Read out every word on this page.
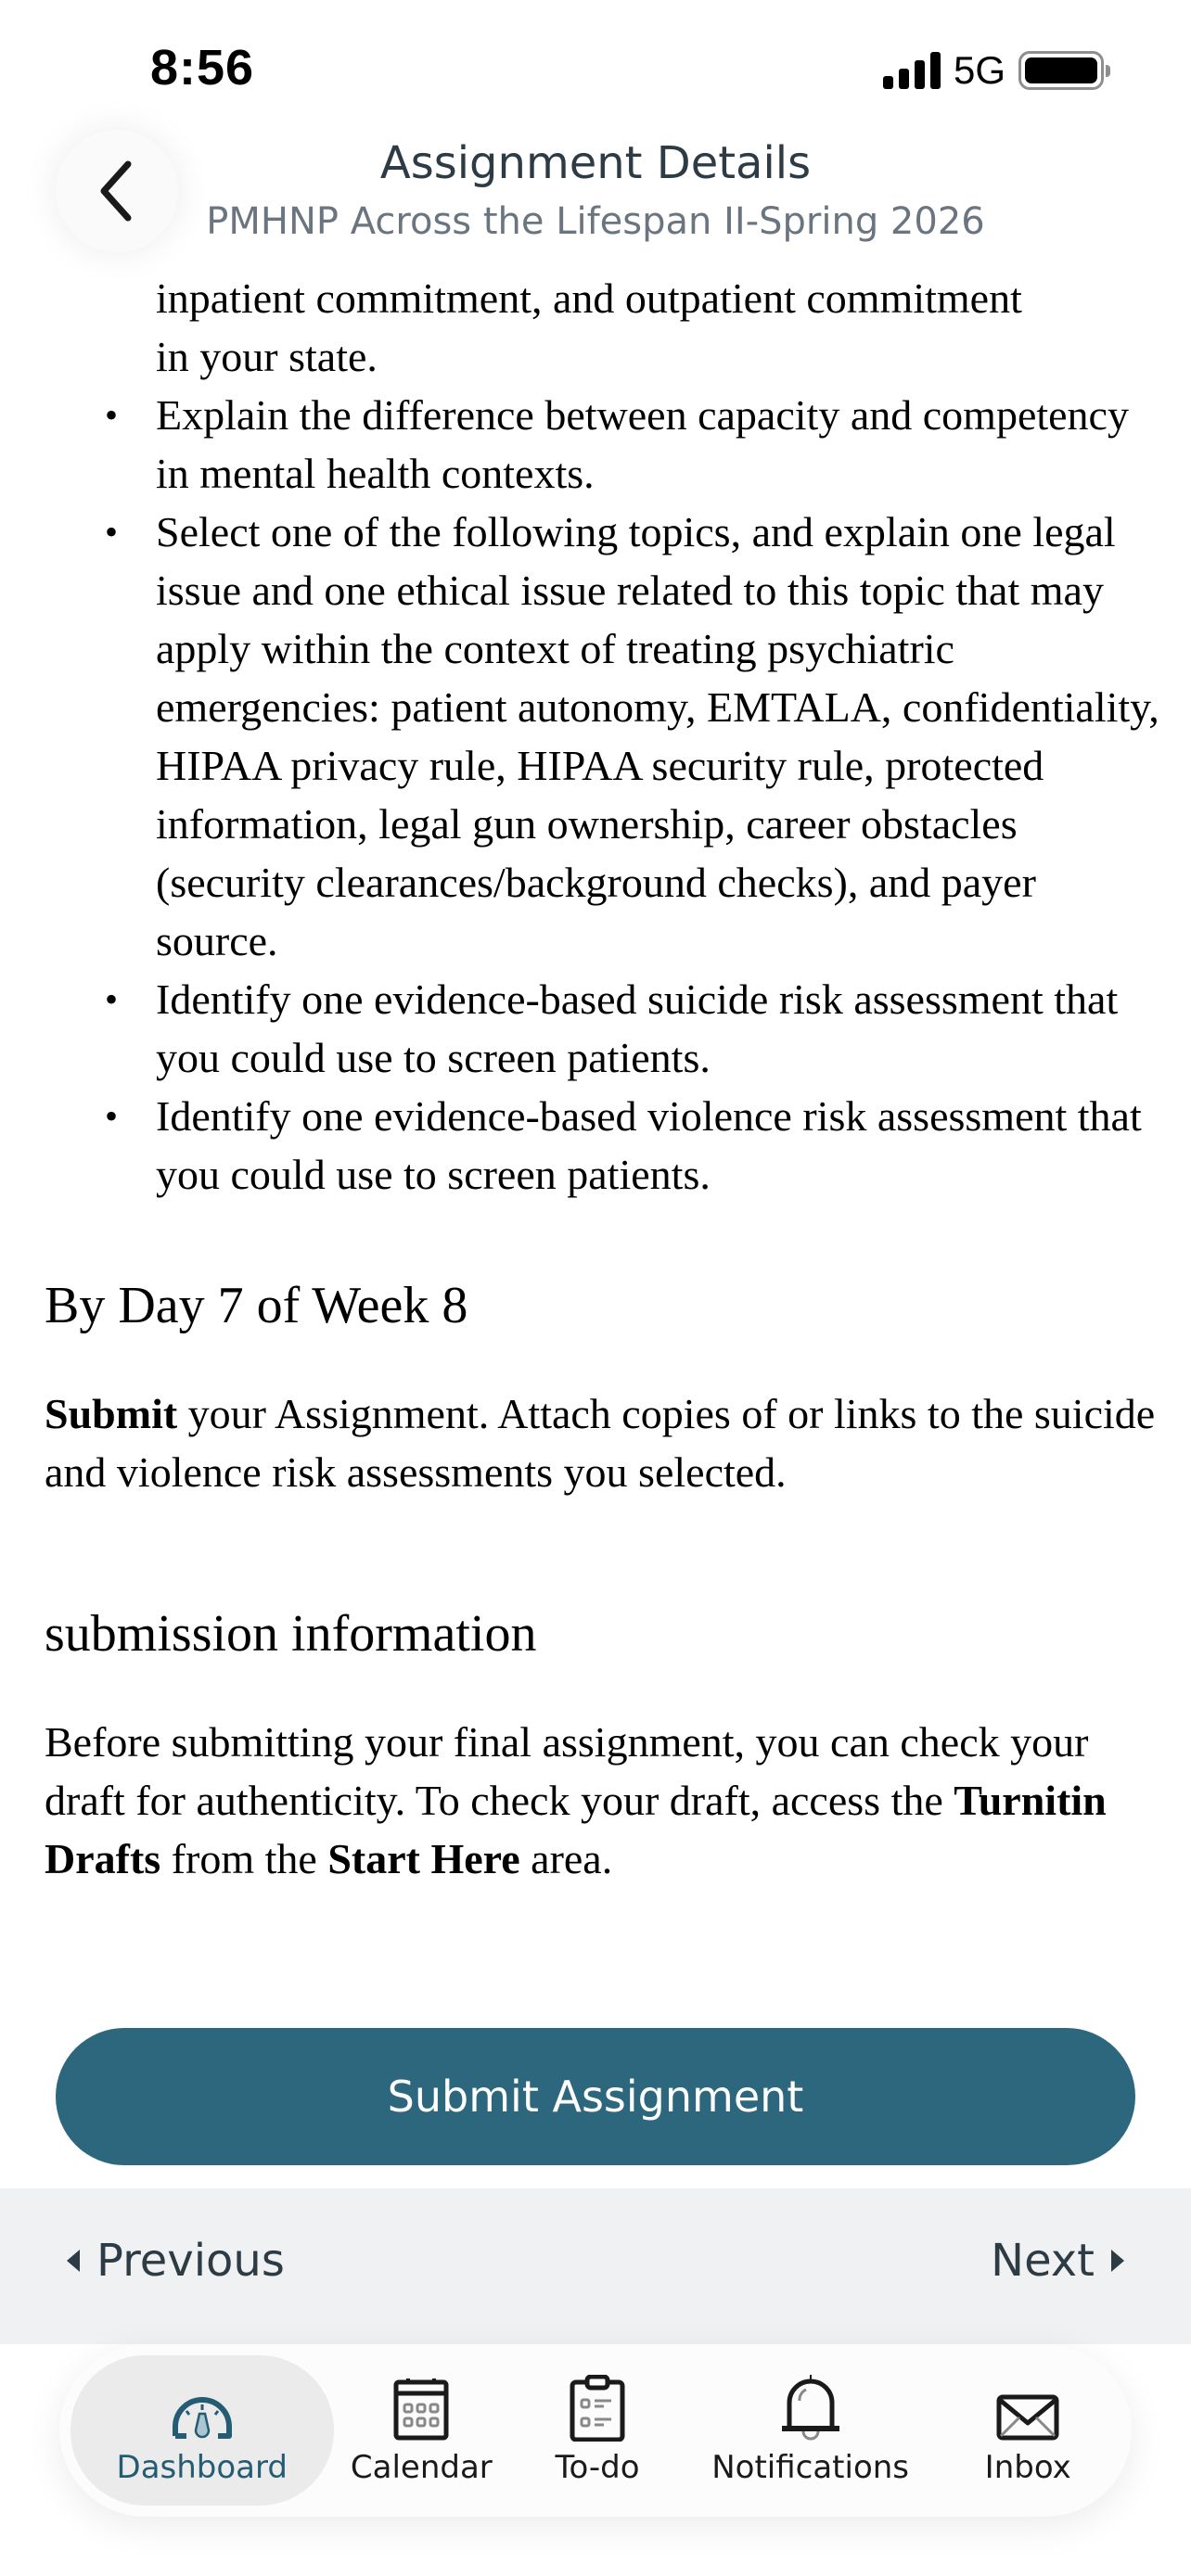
8:56	5G
Assignment Details
PMHNP Across the Lifespan II-Spring 2026
inpatient commitment, and outpatient commitment
in your state.
• Explain the difference between capacity and competency in mental health contexts.
• Select one of the following topics, and explain one legal issue and one ethical issue related to this topic that may apply within the context of treating psychiatric emergencies: patient autonomy, EMTALA, confidentiality, HIPAA privacy rule, HIPAA security rule, protected information, legal gun ownership, career obstacles (security clearances/background checks), and payer source.
• Identify one evidence-based suicide risk assessment that you could use to screen patients.
• Identify one evidence-based violence risk assessment that you could use to screen patients.
By Day 7 of Week 8

Submit your Assignment. Attach copies of or links to the suicide and violence risk assessments you selected.

submission information

Before submitting your final assignment, you can check your draft for authenticity. To check your draft, access the Turnitin Drafts from the Start Here area.

Submit Assignment
Previous	Next
Dashboard Calendar To-do Notifications Inbox
